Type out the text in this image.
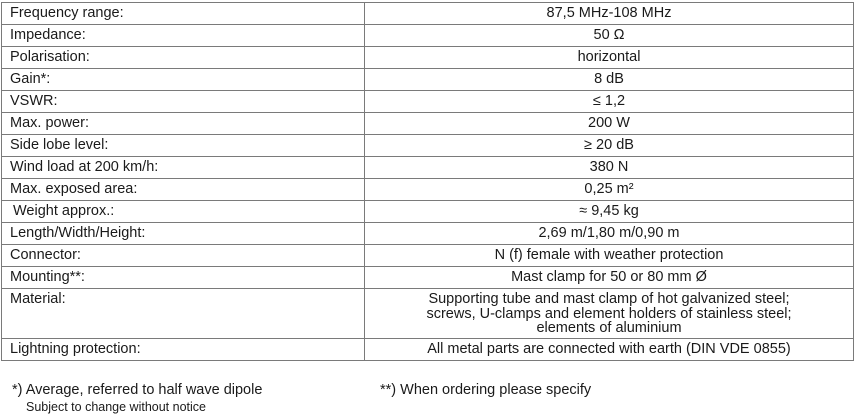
Frequency range:	87,5 MHz-108 MHz
Impedance:	50 Ω
Polarisation:	horizontal
Gain*:	8 dB
VSWR:	≤ 1,2
Max. power:	200 W
Side lobe level:	≥ 20 dB
Wind load at 200 km/h:	380 N
Max. exposed area:	0,25 m²
Weight approx.:	≈ 9,45 kg
Length/Width/Height:	2,69 m/1,80 m/0,90 m
Connector:	N (f) female with weather protection
Mounting**:	Mast clamp for 50 or 80 mm Ø
Material:	Supporting tube and mast clamp of hot galvanized steel;
screws, U-clamps and element holders of stainless steel;
elements of aluminium

Lightning protection:	All metal parts are connected with earth (DIN VDE 0855)
*) Average, referred to half wave dipole	**) When ordering please specify
Subject to change without notice
